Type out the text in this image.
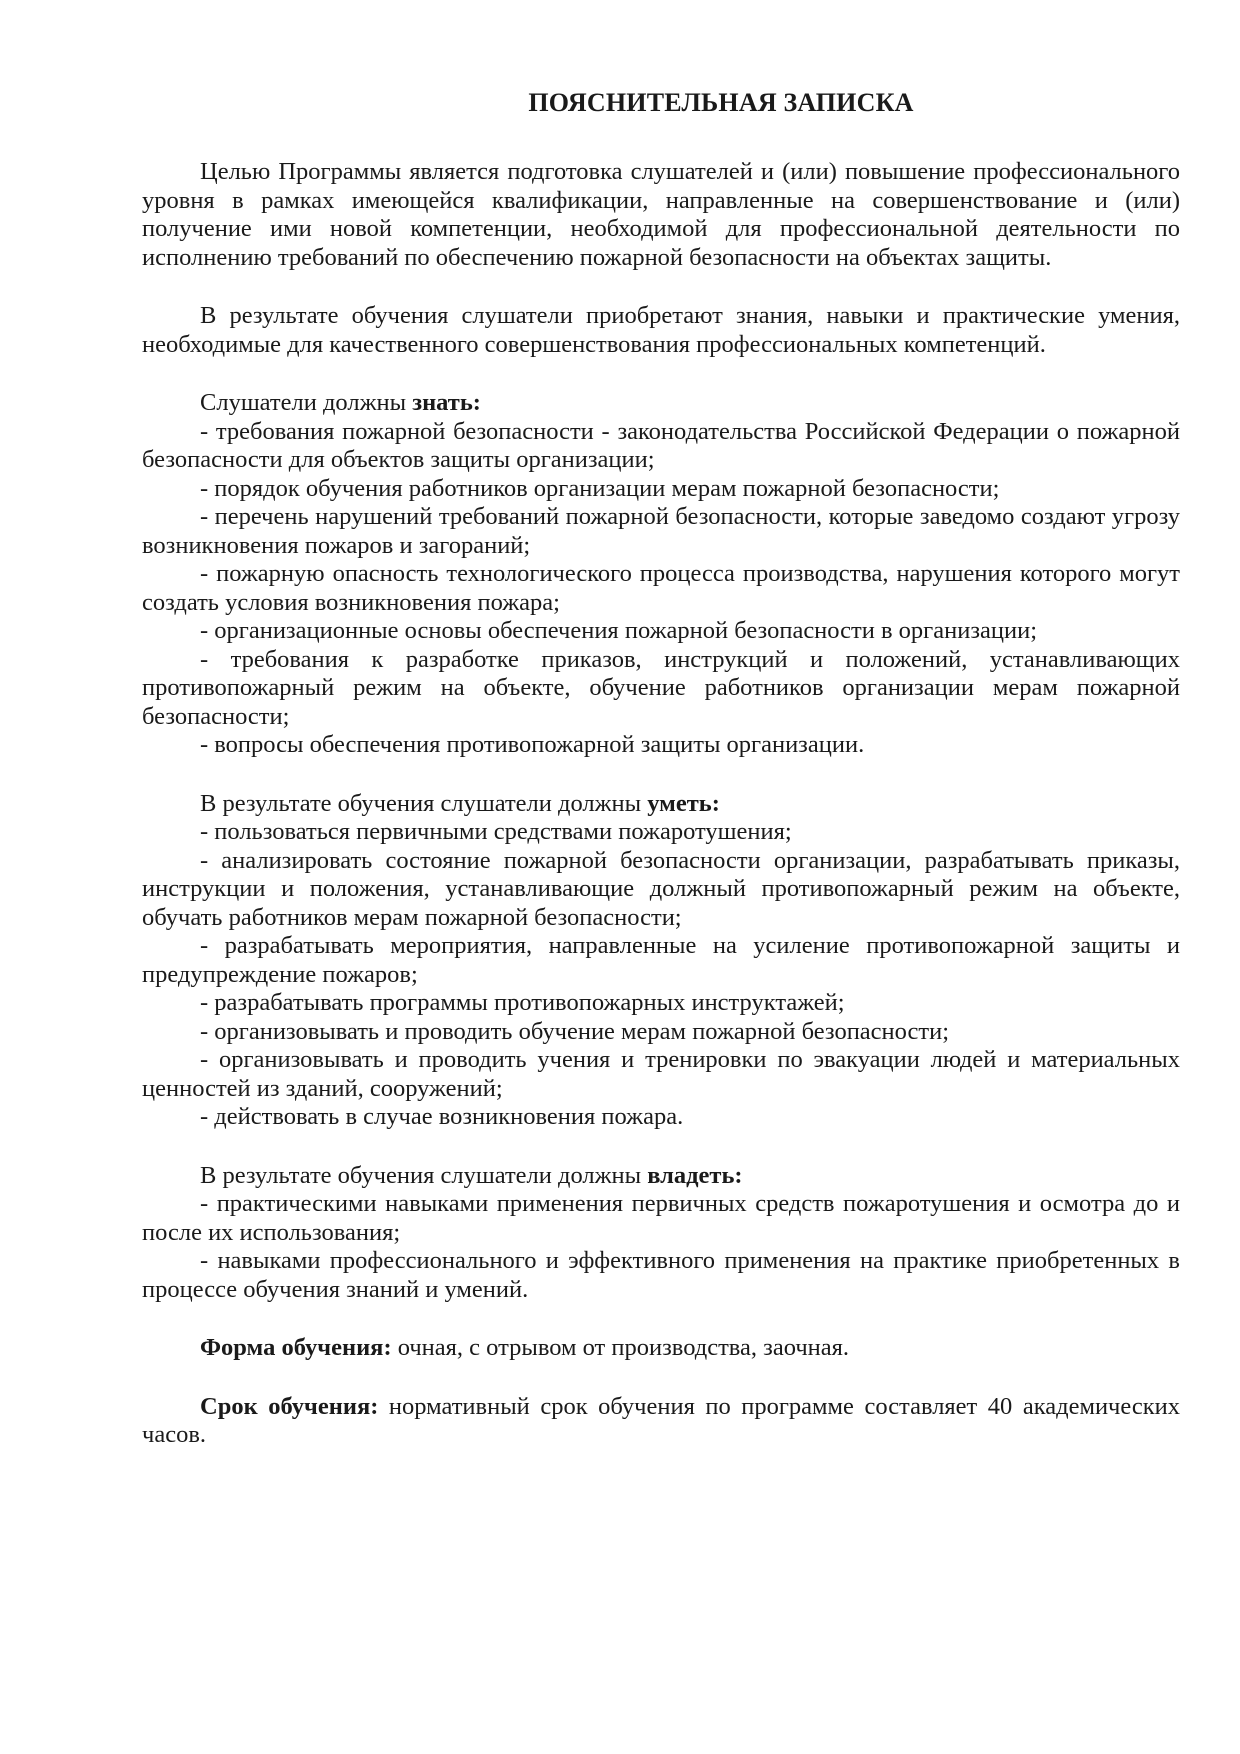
ПОЯСНИТЕЛЬНАЯ ЗАПИСКА

Целью Программы является подготовка слушателей и (или) повышение профессионального уровня в рамках имеющейся квалификации, направленные на совершенствование и (или) получение ими новой компетенции, необходимой для профессиональной деятельности по исполнению требований по обеспечению пожарной безопасности на объектах защиты.

В результате обучения слушатели приобретают знания, навыки и практические умения, необходимые для качественного совершенствования профессиональных компетенций.

Слушатели должны знать:

- требования пожарной безопасности - законодательства Российской Федерации о пожарной безопасности для объектов защиты организации;

- порядок обучения работников организации мерам пожарной безопасности;

- перечень нарушений требований пожарной безопасности, которые заведомо создают угрозу возникновения пожаров и загораний;

- пожарную опасность технологического процесса производства, нарушения которого могут создать условия возникновения пожара;

- организационные основы обеспечения пожарной безопасности в организации;

- требования к разработке приказов, инструкций и положений, устанавливающих противопожарный режим на объекте, обучение работников организации мерам пожарной безопасности;

- вопросы обеспечения противопожарной защиты организации.

В результате обучения слушатели должны уметь:

- пользоваться первичными средствами пожаротушения;

- анализировать состояние пожарной безопасности организации, разрабатывать приказы, инструкции и положения, устанавливающие должный противопожарный режим на объекте, обучать работников мерам пожарной безопасности;

- разрабатывать мероприятия, направленные на усиление противопожарной защиты и предупреждение пожаров;

- разрабатывать программы противопожарных инструктажей;

- организовывать и проводить обучение мерам пожарной безопасности;

- организовывать и проводить учения и тренировки по эвакуации людей и материальных ценностей из зданий, сооружений;

- действовать в случае возникновения пожара.

В результате обучения слушатели должны владеть:

- практическими навыками применения первичных средств пожаротушения и осмотра до и после их использования;

- навыками профессионального и эффективного применения на практике приобретенных в процессе обучения знаний и умений.

Форма обучения: очная, с отрывом от производства, заочная.

Срок обучения: нормативный срок обучения по программе составляет 40 академических часов.
